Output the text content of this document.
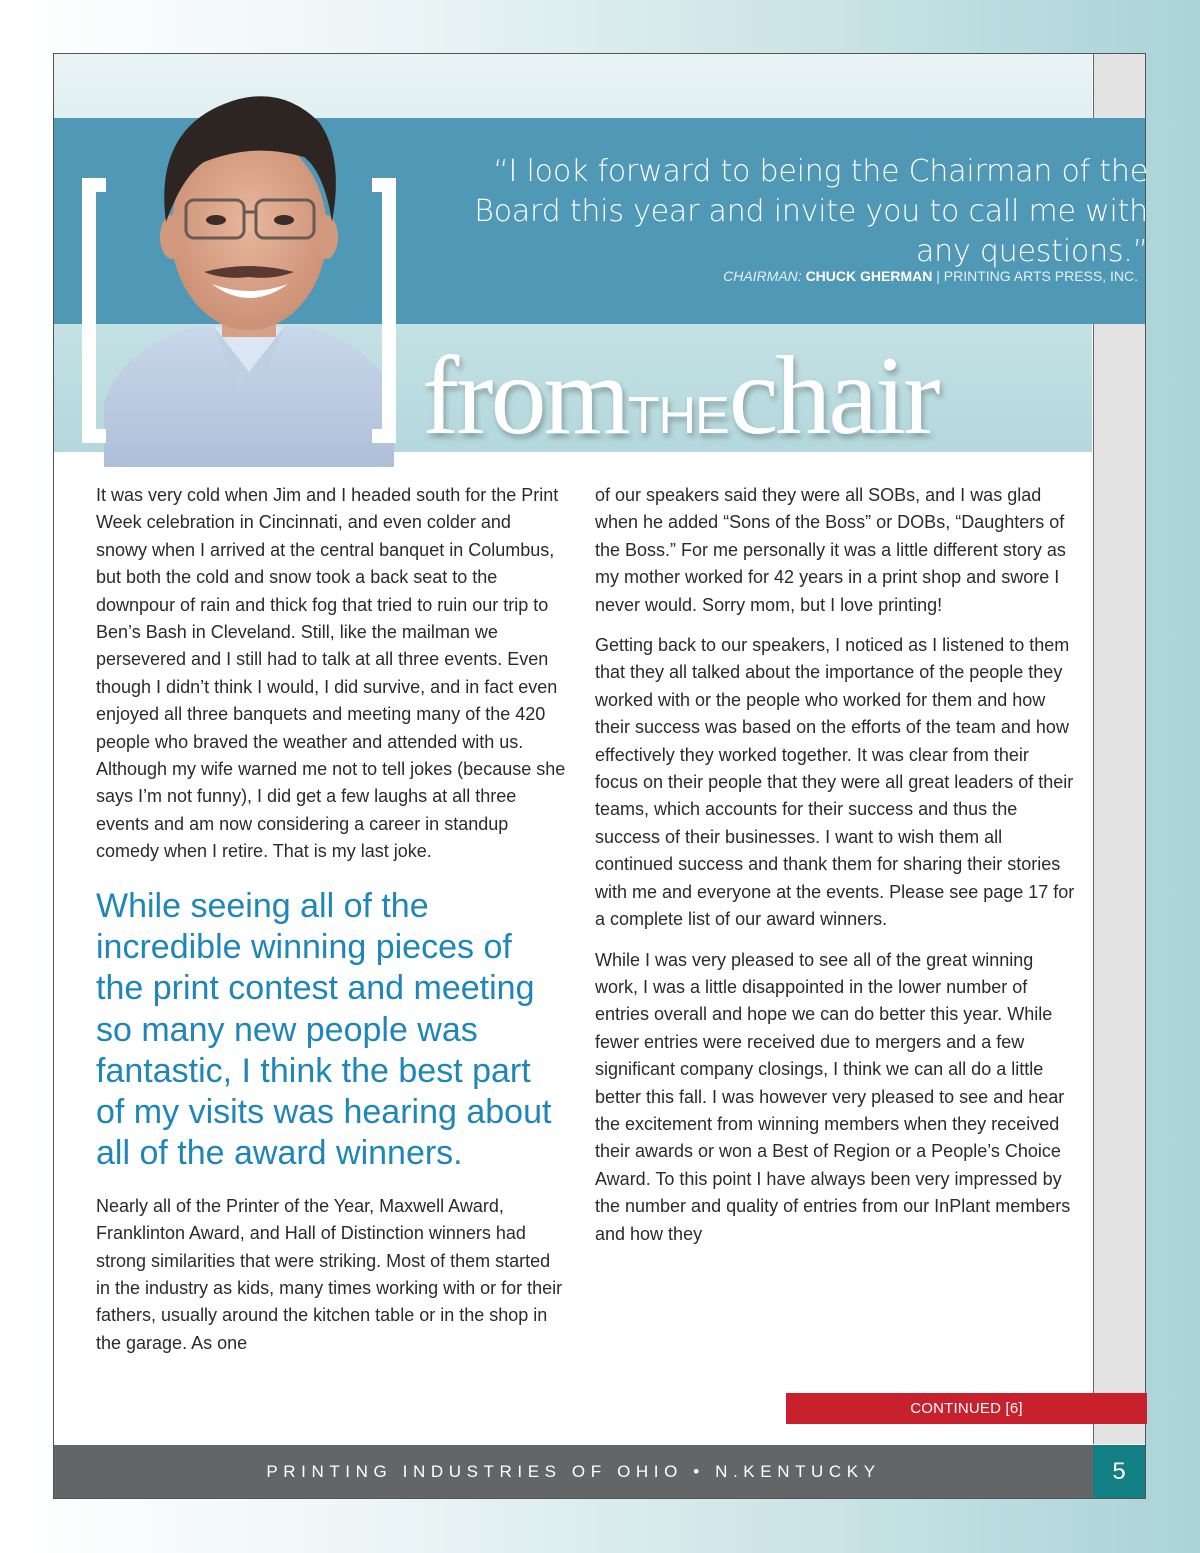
“I look forward to being the Chairman of the Board this year and invite you to call me with any questions.”

CHAIRMAN: CHUCK GHERMAN | PRINTING ARTS PRESS, INC.

fromTHEchair

It was very cold when Jim and I headed south for the Print Week celebration in Cincinnati, and even colder and snowy when I arrived at the central banquet in Columbus, but both the cold and snow took a back seat to the downpour of rain and thick fog that tried to ruin our trip to Ben’s Bash in Cleveland. Still, like the mailman we persevered and I still had to talk at all three events. Even though I didn’t think I would, I did survive, and in fact even enjoyed all three banquets and meeting many of the 420 people who braved the weather and attended with us. Although my wife warned me not to tell jokes (because she says I’m not funny), I did get a few laughs at all three events and am now considering a career in standup comedy when I retire. That is my last joke.

While seeing all of the incredible winning pieces of the print contest and meeting so many new people was fantastic, I think the best part of my visits was hearing about all of the award winners.

Nearly all of the Printer of the Year, Maxwell Award, Franklinton Award, and Hall of Distinction winners had strong similarities that were striking. Most of them started in the industry as kids, many times working with or for their fathers, usually around the kitchen table or in the shop in the garage. As one

of our speakers said they were all SOBs, and I was glad when he added “Sons of the Boss” or DOBs, “Daughters of the Boss.” For me personally it was a little different story as my mother worked for 42 years in a print shop and swore I never would. Sorry mom, but I love printing!

Getting back to our speakers, I noticed as I listened to them that they all talked about the importance of the people they worked with or the people who worked for them and how their success was based on the efforts of the team and how effectively they worked together. It was clear from their focus on their people that they were all great leaders of their teams, which accounts for their success and thus the success of their businesses. I want to wish them all continued success and thank them for sharing their stories with me and everyone at the events. Please see page 17 for a complete list of our award winners.

While I was very pleased to see all of the great winning work, I was a little disappointed in the lower number of entries overall and hope we can do better this year. While fewer entries were received due to mergers and a few significant company closings, I think we can all do a little better this fall. I was however very pleased to see and hear the excitement from winning members when they received their awards or won a Best of Region or a People’s Choice Award. To this point I have always been very impressed by the number and quality of entries from our InPlant members and how they

CONTINUED [6]
PRINTING INDUSTRIES OF OHIO • N.KENTUCKY	5
